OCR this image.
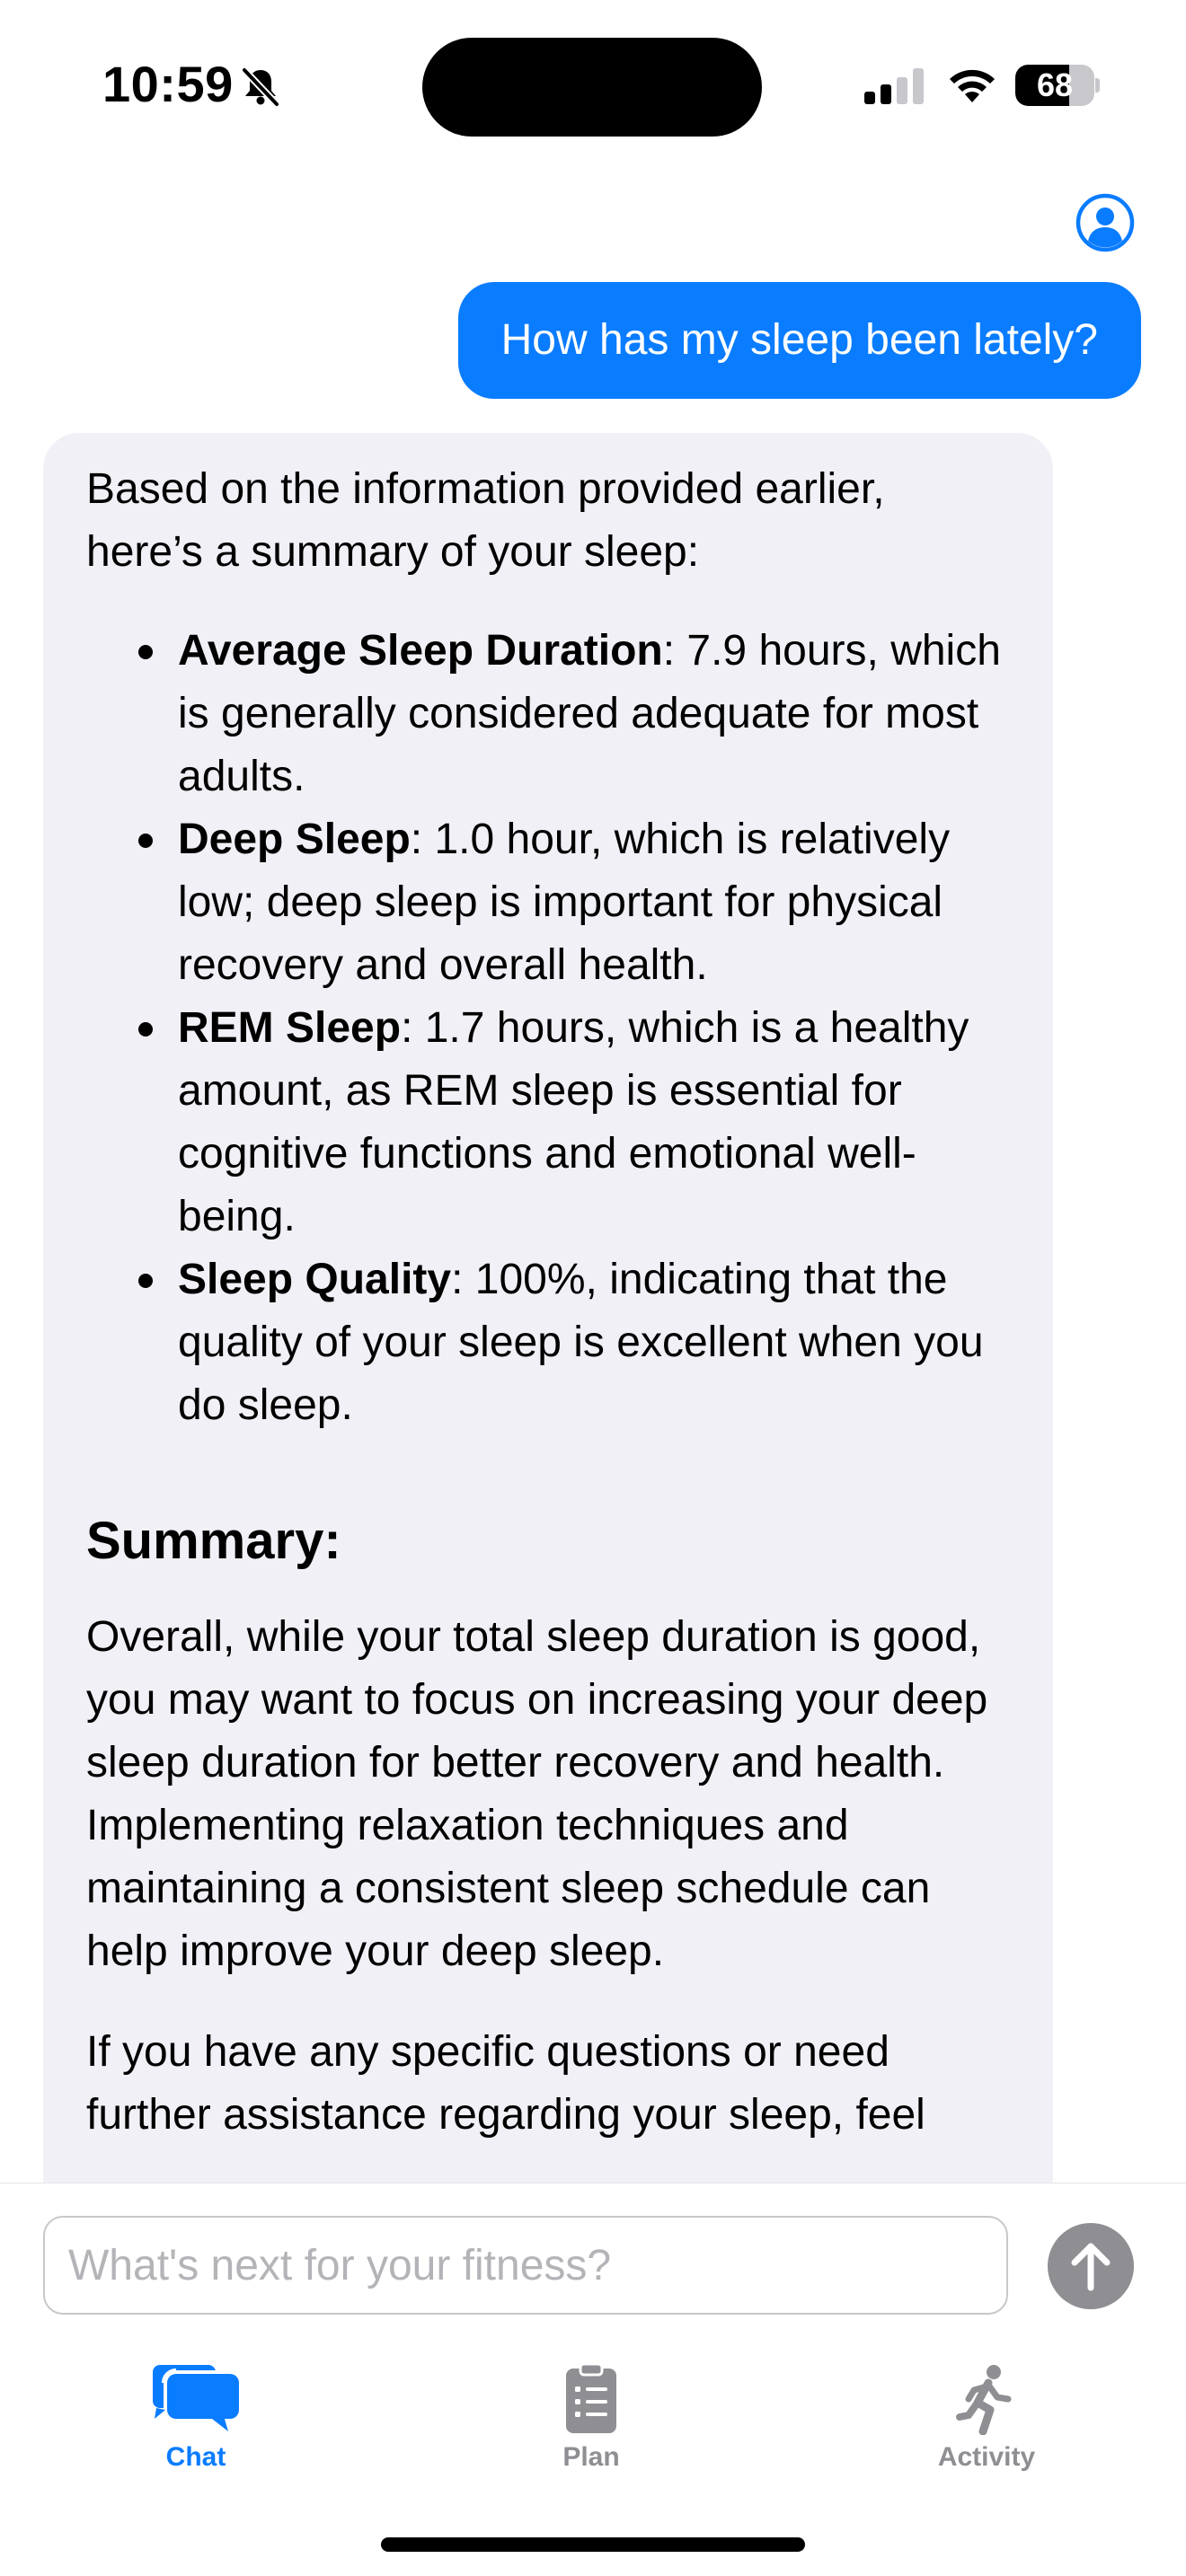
10:59	68
How has my sleep been lately?

Based on the information provided earlier, here’s a summary of your sleep:

Average Sleep Duration: 7.9 hours, which is generally considered adequate for most adults.
Deep Sleep: 1.0 hour, which is relatively low; deep sleep is important for physical recovery and overall health.
REM Sleep: 1.7 hours, which is a healthy amount, as REM sleep is essential for cognitive functions and emotional well-being.
Sleep Quality: 100%, indicating that the quality of your sleep is excellent when you do sleep.
Summary:

Overall, while your total sleep duration is good, you may want to focus on increasing your deep sleep duration for better recovery and health. Implementing relaxation techniques and maintaining a consistent sleep schedule can help improve your deep sleep.

If you have any specific questions or need further assistance regarding your sleep, feel

What's next for your fitness?
Chat	Plan	Activity
